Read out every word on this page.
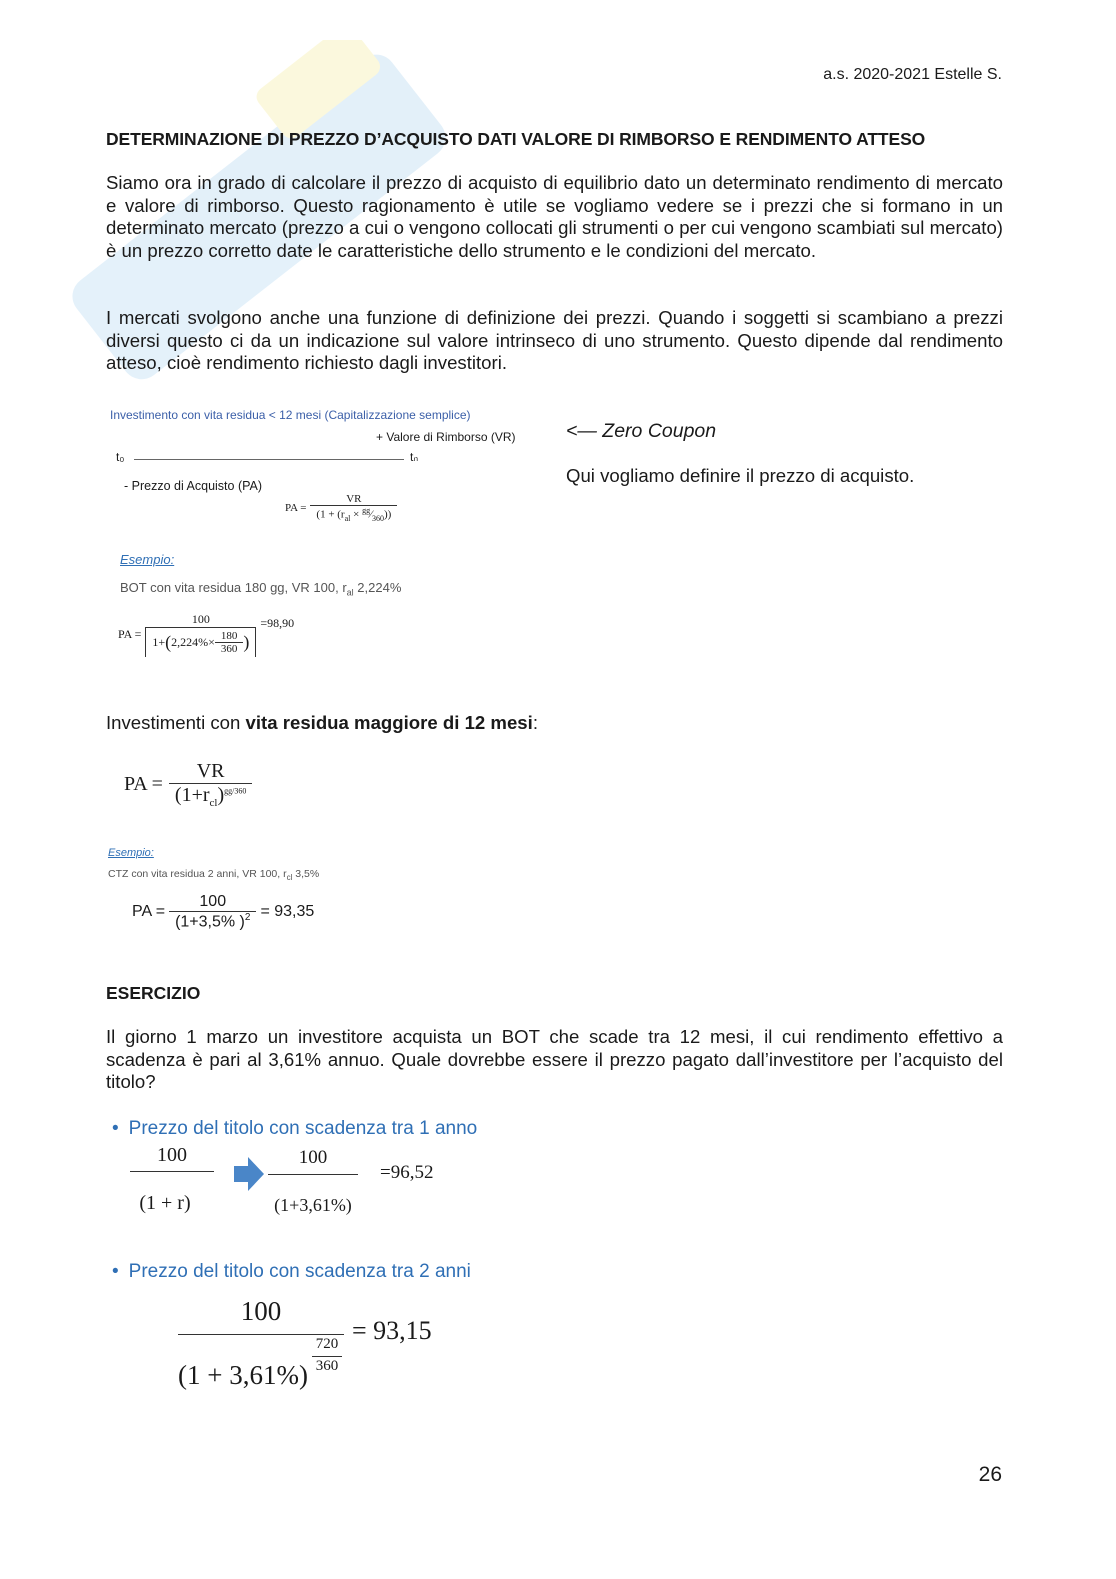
a.s. 2020-2021 Estelle S.
DETERMINAZIONE DI PREZZO D’ACQUISTO DATI VALORE DI RIMBORSO E RENDIMENTO ATTESO
Siamo ora in grado di calcolare il prezzo di acquisto di equilibrio dato un determinato rendimento di mercato e valore di rimborso. Questo ragionamento è utile se vogliamo vedere se i prezzi che si formano in un determinato mercato (prezzo a cui o vengono collocati gli strumenti o per cui vengono scambiati sul mercato) è un prezzo corretto date le caratteristiche dello strumento e le condizioni del mercato.
I mercati svolgono anche una funzione di definizione dei prezzi. Quando i soggetti si scambiano a prezzi diversi questo ci da un indicazione sul valore intrinseco di uno strumento. Questo dipende dal rendimento atteso, cioè rendimento richiesto dagli investitori.
Investimento con vita residua < 12 mesi (Capitalizzazione semplice)
+ Valore di Rimborso (VR)
t₀	tₙ
- Prezzo di Acquisto (PA)
PA = $\frac{VR}{(1 + (r_{al} \times ^{gg}⁄_{360}))}$
Esempio:
BOT con vita residua 180 gg, VR 100, $r_{al}$ 2,224%
PA =
100
1+ ( $2,224\%\times \frac{180}{360}$ )
=98,90
<— Zero Coupon
Qui vogliamo definire il prezzo di acquisto.
Investimenti con vita residua maggiore di 12 mesi:
PA = $\frac{VR}{(1+r_{cl})^{gg/360}}$
Esempio:
CTZ con vita residua 2 anni, VR 100, $r_{cl}$ 3,5%
PA = $\frac{100}{(1+3,5\% )^2} = 93,35$
ESERCIZIO
Il giorno 1 marzo un investitore acquista un BOT che scade tra 12 mesi, il cui rendimento effettivo a scadenza è pari al 3,61% annuo. Quale dovrebbe essere il prezzo pagato dall’investitore per l’acquisto del titolo?
• Prezzo del titolo con scadenza tra 1 anno
100
(1 + r)
100
(1+3,61%)
=96,52
• Prezzo del titolo con scadenza tra 2 anni
100
(1 + 3,61%)
720
360
= 93,15
26
